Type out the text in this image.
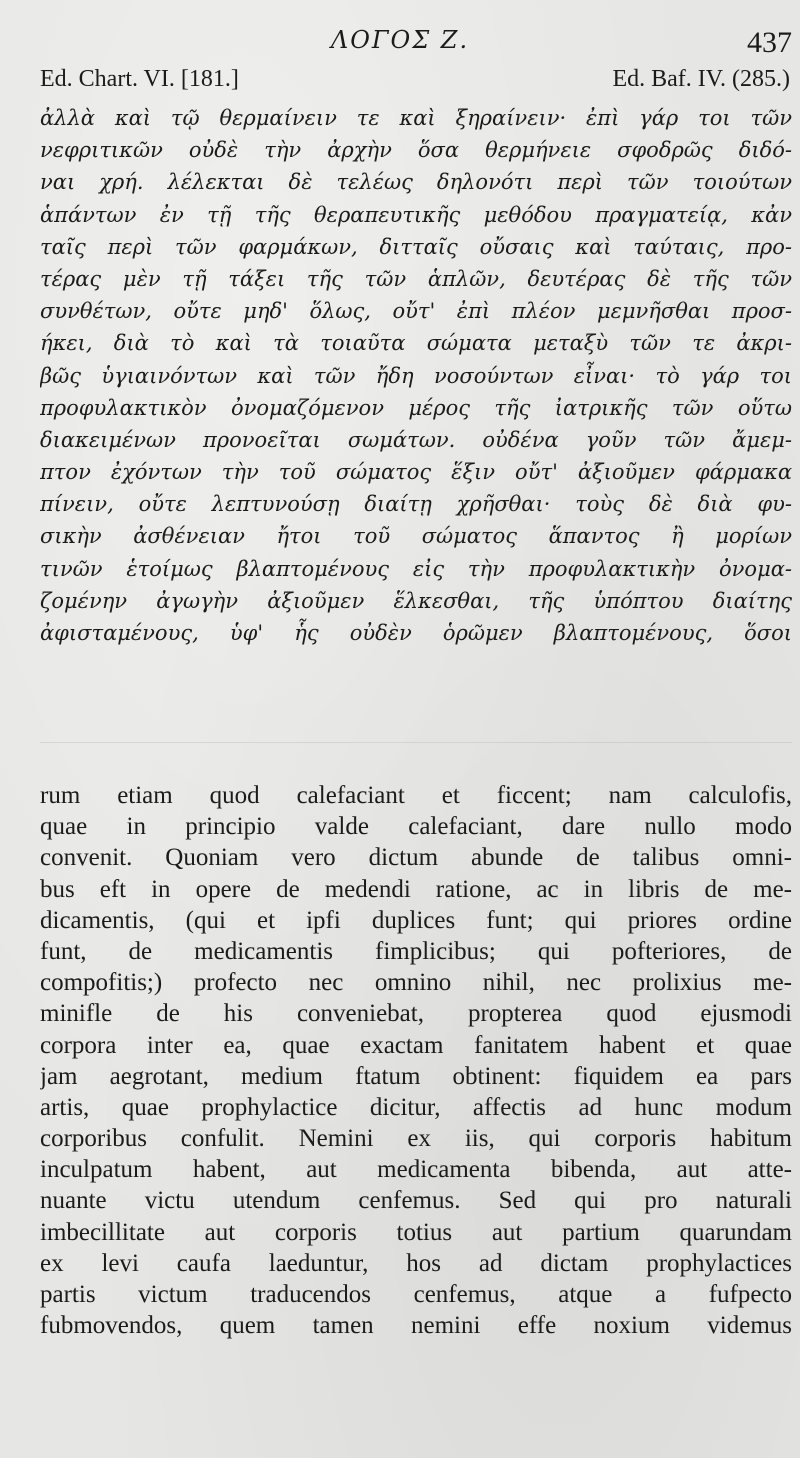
ΛΟΓΟΣ Ζ.	437
Ed. Chart. VI. [181.]	Ed. Baf. IV. (285.)
ἀλλὰ καὶ τῷ θερμαίνειν τε καὶ ξηραίνειν· ἐπὶ γάρ τοι τῶν
νεφριτικῶν οὐδὲ τὴν ἀρχὴν ὅσα θερμήνειε σφοδρῶς διδό-
ναι χρή. λέλεκται δὲ τελέως δηλονότι περὶ τῶν τοιούτων
ἁπάντων ἐν τῇ τῆς θεραπευτικῆς μεθόδου πραγματείᾳ, κἀν
ταῖς περὶ τῶν φαρμάκων, διτταῖς οὔσαις καὶ ταύταις, προ-
τέρας μὲν τῇ τάξει τῆς τῶν ἁπλῶν, δευτέρας δὲ τῆς τῶν
συνθέτων, οὔτε μηδ' ὅλως, οὔτ' ἐπὶ πλέον μεμνῆσθαι προσ-
ήκει, διὰ τὸ καὶ τὰ τοιαῦτα σώματα μεταξὺ τῶν τε ἀκρι-
βῶς ὑγιαινόντων καὶ τῶν ἤδη νοσούντων εἶναι· τὸ γάρ τοι
προφυλακτικὸν ὀνομαζόμενον μέρος τῆς ἰατρικῆς τῶν οὕτω
διακειμένων προνοεῖται σωμάτων. οὐδένα γοῦν τῶν ἄμεμ-
πτον ἐχόντων τὴν τοῦ σώματος ἕξιν οὔτ' ἀξιοῦμεν φάρμακα
πίνειν, οὔτε λεπτυνούσῃ διαίτῃ χρῆσθαι· τοὺς δὲ διὰ φυ-
σικὴν ἀσθένειαν ἤτοι τοῦ σώματος ἅπαντος ἢ μορίων
τινῶν ἑτοίμως βλαπτομένους εἰς τὴν προφυλακτικὴν ὀνομα-
ζομένην ἀγωγὴν ἀξιοῦμεν ἕλκεσθαι, τῆς ὑπόπτου διαίτης
ἀφισταμένους, ὑφ' ἧς οὐδὲν ὁρῶμεν βλαπτομένους, ὅσοι
rum etiam quod calefaciant et ficcent; nam calculofis,
quae in principio valde calefaciant, dare nullo modo
convenit. Quoniam vero dictum abunde de talibus omni-
bus eft in opere de medendi ratione, ac in libris de me-
dicamentis, (qui et ipfi duplices funt; qui priores ordine
funt, de medicamentis fimplicibus; qui pofteriores, de
compofitis;) profecto nec omnino nihil, nec prolixius me-
minifle de his conveniebat, propterea quod ejusmodi
corpora inter ea, quae exactam fanitatem habent et quae
jam aegrotant, medium ftatum obtinent: fiquidem ea pars
artis, quae prophylactice dicitur, affectis ad hunc modum
corporibus confulit. Nemini ex iis, qui corporis habitum
inculpatum habent, aut medicamenta bibenda, aut atte-
nuante victu utendum cenfemus. Sed qui pro naturali
imbecillitate aut corporis totius aut partium quarundam
ex levi caufa laeduntur, hos ad dictam prophylactices
partis victum traducendos cenfemus, atque a fufpecto
fubmovendos, quem tamen nemini effe noxium videmus
